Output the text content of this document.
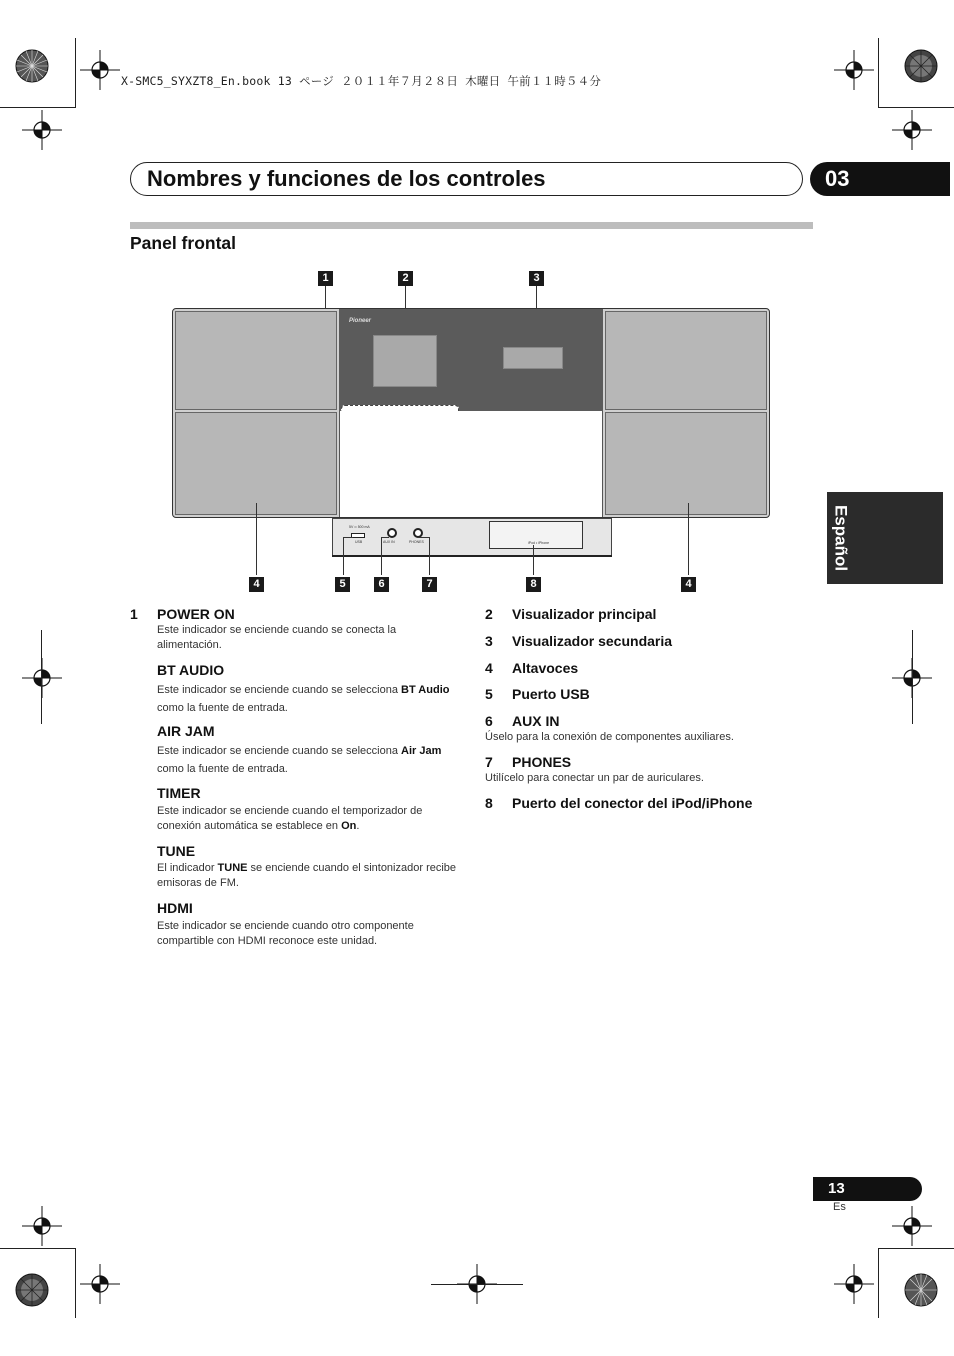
X-SMC5_SYXZT8_En.book 13 ページ ２０１１年７月２８日 木曜日 午前１１時５４分
Nombres y funciones de los controles	03
Panel frontal
Español
1	2	3
Pioneer
5V ═ 500 mA
USB	AUX IN	PHONES	iPod • iPhone
4	5	6	7	8	4
1 POWER ON
Este indicador se enciende cuando se conecta la alimentación.
BT AUDIO
Este indicador se enciende cuando se selecciona BT Audio como la fuente de entrada.
AIR JAM
Este indicador se enciende cuando se selecciona Air Jam como la fuente de entrada.
TIMER
Este indicador se enciende cuando el temporizador de conexión automática se establece en On.
TUNE
El indicador TUNE se enciende cuando el sintonizador recibe emisoras de FM.
HDMI
Este indicador se enciende cuando otro componente compartible con HDMI reconoce este unidad.
2 Visualizador principal
3 Visualizador secundaria
4 Altavoces
5 Puerto USB
6 AUX IN
Úselo para la conexión de componentes auxiliares.
7 PHONES
Utilícelo para conectar un par de auriculares.
8 Puerto del conector del iPod/iPhone
13
Es
